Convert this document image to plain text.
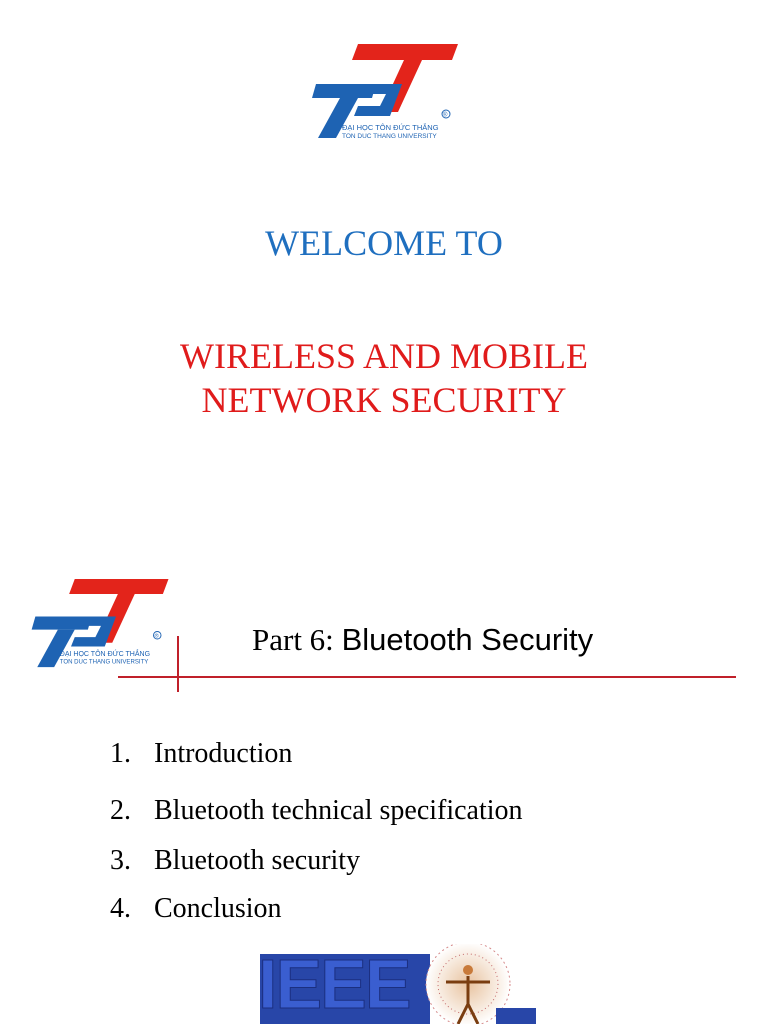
®
ĐẠI HỌC TÔN ĐỨC THẮNG
TON DUC THANG UNIVERSITY
WELCOME TO
WIRELESS AND MOBILE
NETWORK SECURITY
®
ĐẠI HỌC TÔN ĐỨC THẮNG
TON DUC THANG UNIVERSITY
Part 6: Bluetooth Security
1. Introduction
2. Bluetooth technical specification
3. Bluetooth security
4. Conclusion
IEEE
